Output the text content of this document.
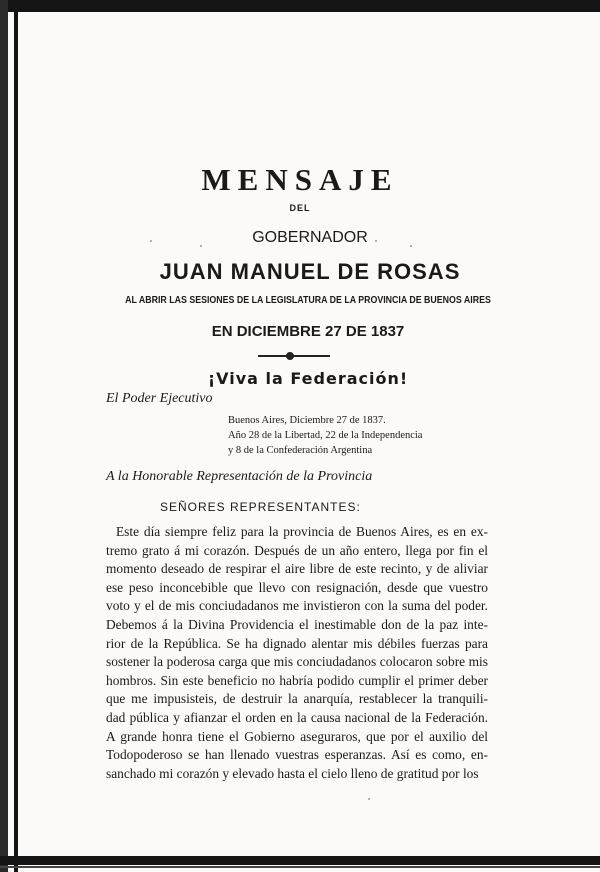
MENSAJE
DEL
GOBERNADOR
JUAN MANUEL DE ROSAS
AL ABRIR LAS SESIONES DE LA LEGISLATURA DE LA PROVINCIA DE BUENOS AIRES
EN DICIEMBRE 27 DE 1837
¡Viva la Federación!
El Poder Ejecutivo
Buenos Aires, Diciembre 27 de 1837.
Año 28 de la Libertad, 22 de la Independencia
y 8 de la Confederación Argentina
A la Honorable Representación de la Provincia
SEÑORES REPRESENTANTES:
Este día siempre feliz para la provincia de Buenos Aires, es en ex-
tremo grato á mi corazón. Después de un año entero, llega por fin el
momento deseado de respirar el aire libre de este recinto, y de aliviar
ese peso inconcebible que llevo con resignación, desde que vuestro
voto y el de mis conciudadanos me invistieron con la suma del poder.
Debemos á la Divina Providencia el inestimable don de la paz inte-
rior de la República. Se ha dignado alentar mis débiles fuerzas para
sostener la poderosa carga que mis conciudadanos colocaron sobre mis
hombros. Sin este beneficio no habría podido cumplir el primer deber
que me impusisteis, de destruir la anarquía, restablecer la tranquili-
dad pública y afianzar el orden en la causa nacional de la Federación.
A grande honra tiene el Gobierno aseguraros, que por el auxilio del
Todopoderoso se han llenado vuestras esperanzas. Así es como, en-
sanchado mi corazón y elevado hasta el cielo lleno de gratitud por los
